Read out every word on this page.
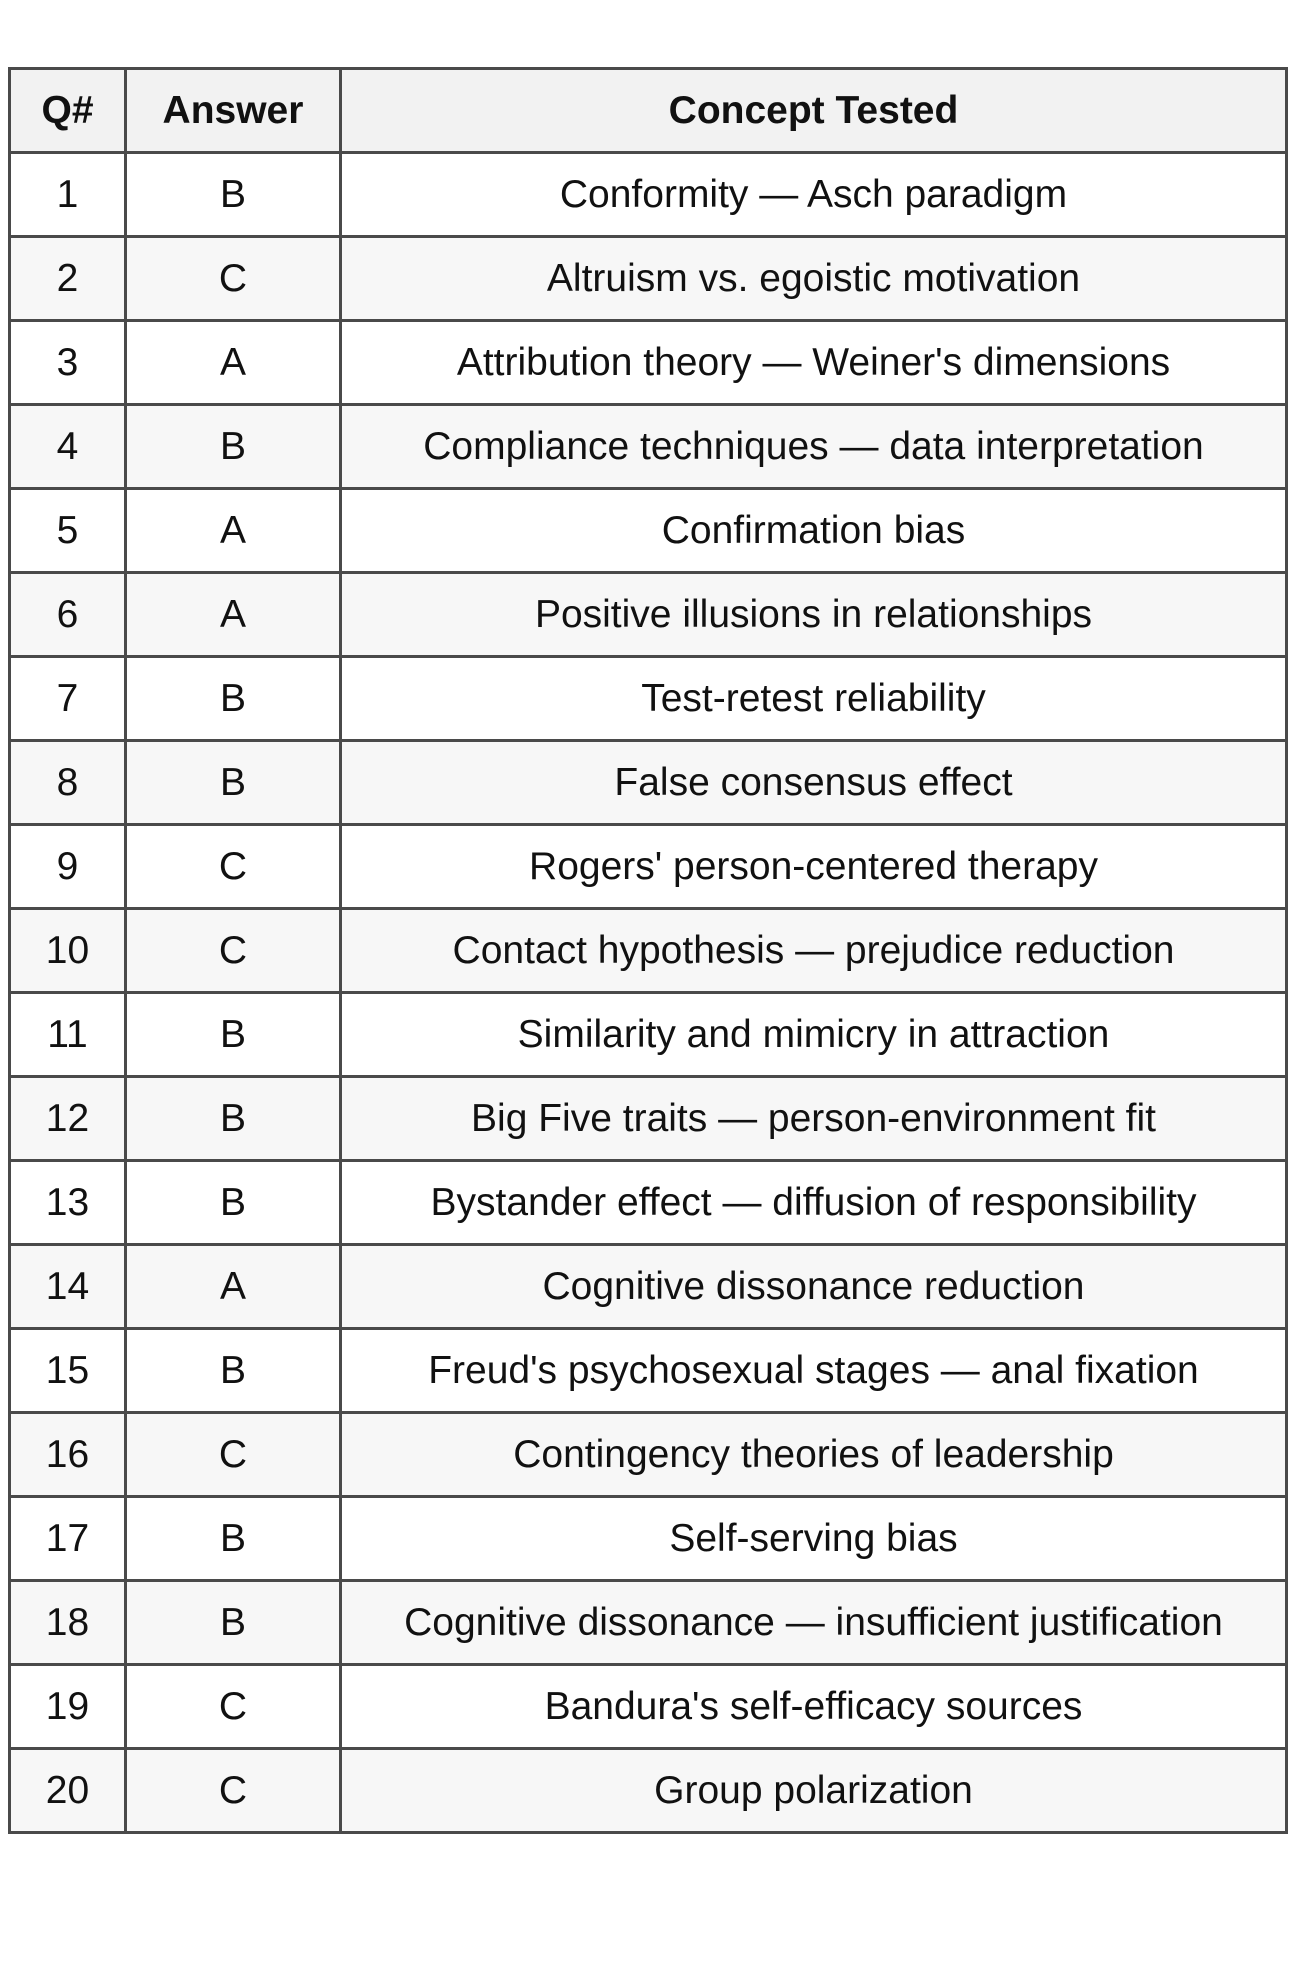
Q#	Answer	Concept Tested
1	B	Conformity — Asch paradigm
2	C	Altruism vs. egoistic motivation
3	A	Attribution theory — Weiner's dimensions
4	B	Compliance techniques — data interpretation
5	A	Confirmation bias
6	A	Positive illusions in relationships
7	B	Test-retest reliability
8	B	False consensus effect
9	C	Rogers' person-centered therapy
10	C	Contact hypothesis — prejudice reduction
11	B	Similarity and mimicry in attraction
12	B	Big Five traits — person-environment fit
13	B	Bystander effect — diffusion of responsibility
14	A	Cognitive dissonance reduction
15	B	Freud's psychosexual stages — anal fixation
16	C	Contingency theories of leadership
17	B	Self-serving bias
18	B	Cognitive dissonance — insufficient justification
19	C	Bandura's self-efficacy sources
20	C	Group polarization
